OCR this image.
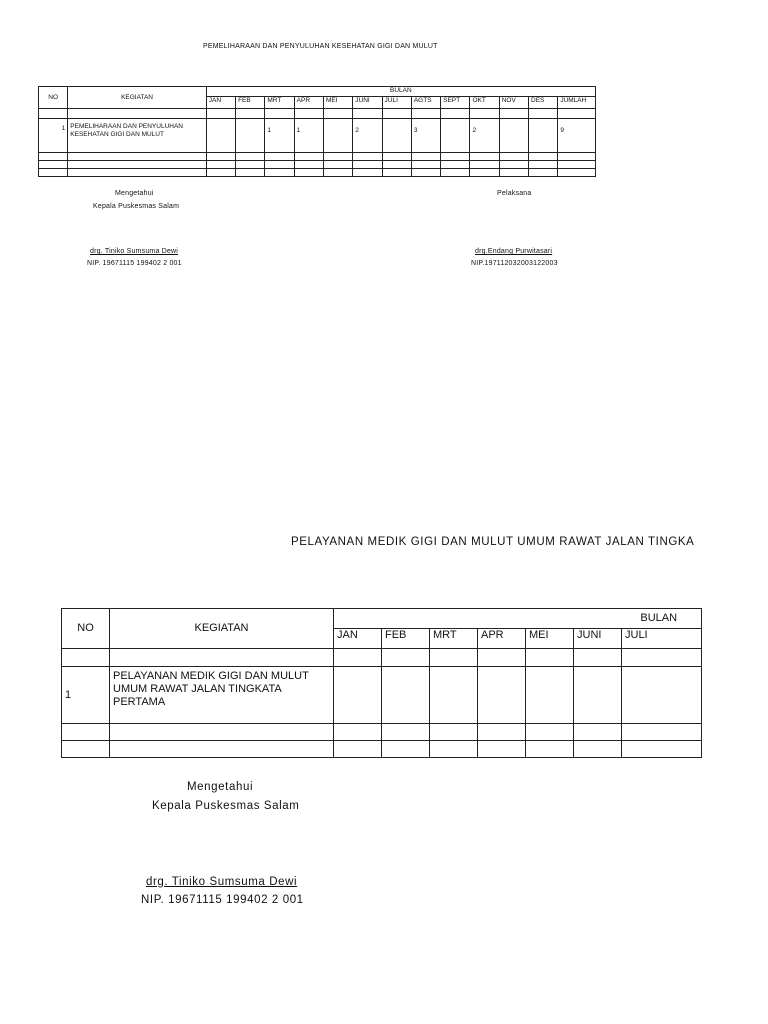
PEMELIHARAAN DAN PENYULUHAN KESEHATAN GIGI DAN MULUT
NO	KEGIATAN	BULAN												
		JAN	FEB	MRT	APR	MEI	JUNI	JULI	AGTS	SEPT	OKT	NOV	DES	JUMLAH

1	PEMELIHARAAN DAN PENYULUHAN
KESEHATAN GIGI DAN MULUT			1	1		2		3		2			9

Mengetahui
Kepala Puskesmas Salam
Pelaksana
drg. Tiniko Sumsuma Dewi
NIP. 19671115 199402 2 001
drg.Endang Purwitasari
NIP.197112032003122003
PELAYANAN MEDIK GIGI DAN MULUT UMUM RAWAT JALAN TINGKA
NO	KEGIATAN	BULAN						
		JAN	FEB	MRT	APR	MEI	JUNI	JULI

1	PELAYANAN MEDIK GIGI DAN MULUT
UMUM RAWAT JALAN TINGKATA
PERTAMA							

Mengetahui
Kepala Puskesmas Salam
drg. Tiniko Sumsuma Dewi
NIP. 19671115 199402 2 001
